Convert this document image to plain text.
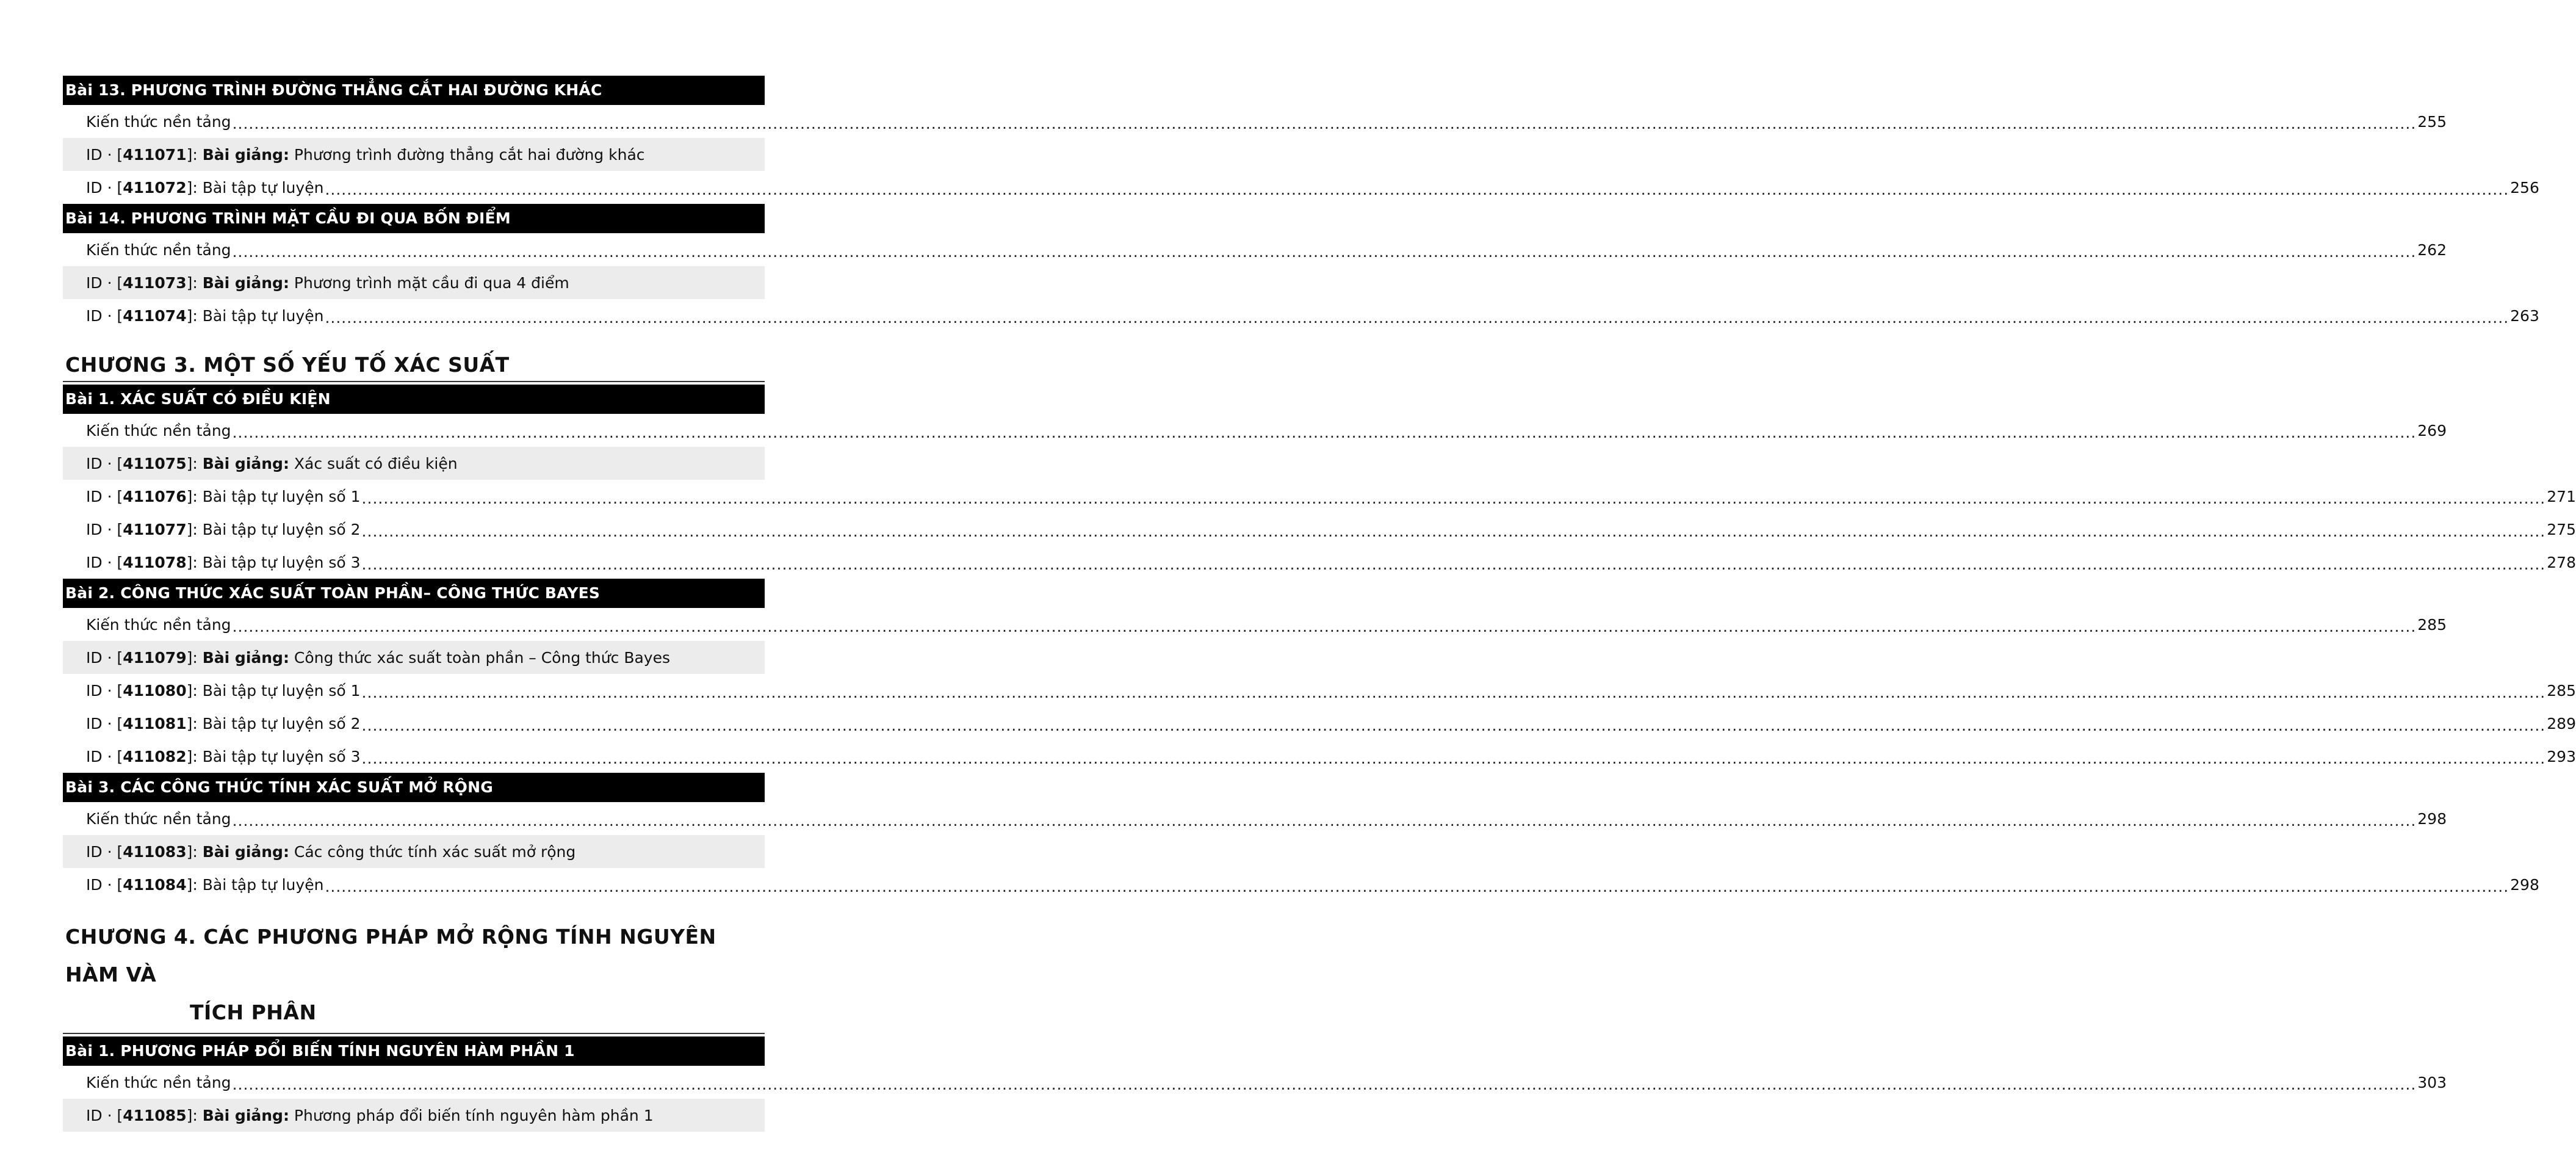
Bài 13. PHƯƠNG TRÌNH ĐƯỜNG THẲNG CẮT HAI ĐƯỜNG KHÁC
Kiến thức nền tảng ................................................................................................................................................................................................................................................................................................................................................................................................................ 255
ID · [411071]: Bài giảng: Phương trình đường thẳng cắt hai đường khác
ID · [411072]: Bài tập tự luyện ................................................................................................................................................................................................................................................................................................................................................................................................................ 256
Bài 14. PHƯƠNG TRÌNH MẶT CẦU ĐI QUA BỐN ĐIỂM
Kiến thức nền tảng ................................................................................................................................................................................................................................................................................................................................................................................................................ 262
ID · [411073]: Bài giảng: Phương trình mặt cầu đi qua 4 điểm
ID · [411074]: Bài tập tự luyện ................................................................................................................................................................................................................................................................................................................................................................................................................ 263
CHƯƠNG 3. MỘT SỐ YẾU TỐ XÁC SUẤT
Bài 1. XÁC SUẤT CÓ ĐIỀU KIỆN
Kiến thức nền tảng ................................................................................................................................................................................................................................................................................................................................................................................................................ 269
ID · [411075]: Bài giảng: Xác suất có điều kiện
ID · [411076]: Bài tập tự luyện số 1 ................................................................................................................................................................................................................................................................................................................................................................................................................ 271
ID · [411077]: Bài tập tự luyện số 2 ................................................................................................................................................................................................................................................................................................................................................................................................................ 275
ID · [411078]: Bài tập tự luyện số 3 ................................................................................................................................................................................................................................................................................................................................................................................................................ 278
Bài 2. CÔNG THỨC XÁC SUẤT TOÀN PHẦN– CÔNG THỨC BAYES
Kiến thức nền tảng ................................................................................................................................................................................................................................................................................................................................................................................................................ 285
ID · [411079]: Bài giảng: Công thức xác suất toàn phần – Công thức Bayes
ID · [411080]: Bài tập tự luyện số 1 ................................................................................................................................................................................................................................................................................................................................................................................................................ 285
ID · [411081]: Bài tập tự luyện số 2 ................................................................................................................................................................................................................................................................................................................................................................................................................ 289
ID · [411082]: Bài tập tự luyện số 3 ................................................................................................................................................................................................................................................................................................................................................................................................................ 293
Bài 3. CÁC CÔNG THỨC TÍNH XÁC SUẤT MỞ RỘNG
Kiến thức nền tảng ................................................................................................................................................................................................................................................................................................................................................................................................................ 298
ID · [411083]: Bài giảng: Các công thức tính xác suất mở rộng
ID · [411084]: Bài tập tự luyện ................................................................................................................................................................................................................................................................................................................................................................................................................ 298
CHƯƠNG 4. CÁC PHƯƠNG PHÁP MỞ RỘNG TÍNH NGUYÊN HÀM VÀ
TÍCH PHÂN
Bài 1. PHƯƠNG PHÁP ĐỔI BIẾN TÍNH NGUYÊN HÀM PHẦN 1
Kiến thức nền tảng ................................................................................................................................................................................................................................................................................................................................................................................................................ 303
ID · [411085]: Bài giảng: Phương pháp đổi biến tính nguyên hàm phần 1
